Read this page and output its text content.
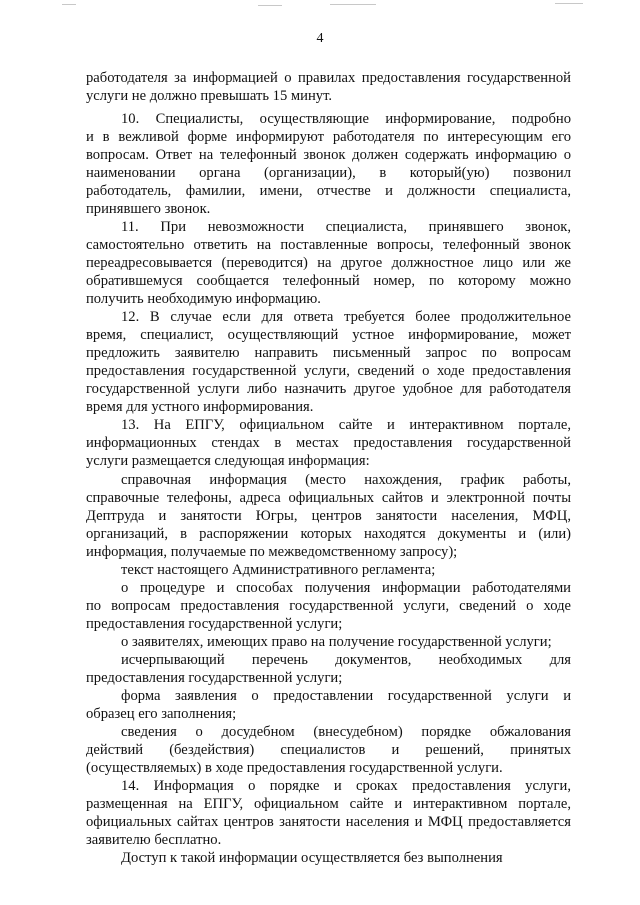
4
работодателя за информацией о правилах предоставления государственной
услуги не должно превышать 15 минут.
10. Специалисты, осуществляющие информирование, подробно
и в вежливой форме информируют работодателя по интересующим его
вопросам. Ответ на телефонный звонок должен содержать информацию о
наименовании органа (организации), в который(ую) позвонил
работодатель, фамилии, имени, отчестве и должности специалиста,
принявшего звонок.
11. При невозможности специалиста, принявшего звонок,
самостоятельно ответить на поставленные вопросы, телефонный звонок
переадресовывается (переводится) на другое должностное лицо или же
обратившемуся сообщается телефонный номер, по которому можно
получить необходимую информацию.
12. В случае если для ответа требуется более продолжительное
время, специалист, осуществляющий устное информирование, может
предложить заявителю направить письменный запрос по вопросам
предоставления государственной услуги, сведений о ходе предоставления
государственной услуги либо назначить другое удобное для работодателя
время для устного информирования.
13. На ЕПГУ, официальном сайте и интерактивном портале,
информационных стендах в местах предоставления государственной
услуги размещается следующая информация:
справочная информация (место нахождения, график работы,
справочные телефоны, адреса официальных сайтов и электронной почты
Дептруда и занятости Югры, центров занятости населения, МФЦ,
организаций, в распоряжении которых находятся документы и (или)
информация, получаемые по межведомственному запросу);
текст настоящего Административного регламента;
о процедуре и способах получения информации работодателями
по вопросам предоставления государственной услуги, сведений о ходе
предоставления государственной услуги;
о заявителях, имеющих право на получение государственной услуги;
исчерпывающий перечень документов, необходимых для
предоставления государственной услуги;
форма заявления о предоставлении государственной услуги и
образец его заполнения;
сведения о досудебном (внесудебном) порядке обжалования
действий (бездействия) специалистов и решений, принятых
(осуществляемых) в ходе предоставления государственной услуги.
14. Информация о порядке и сроках предоставления услуги,
размещенная на ЕПГУ, официальном сайте и интерактивном портале,
официальных сайтах центров занятости населения и МФЦ предоставляется
заявителю бесплатно.
Доступ к такой информации осуществляется без выполнения
